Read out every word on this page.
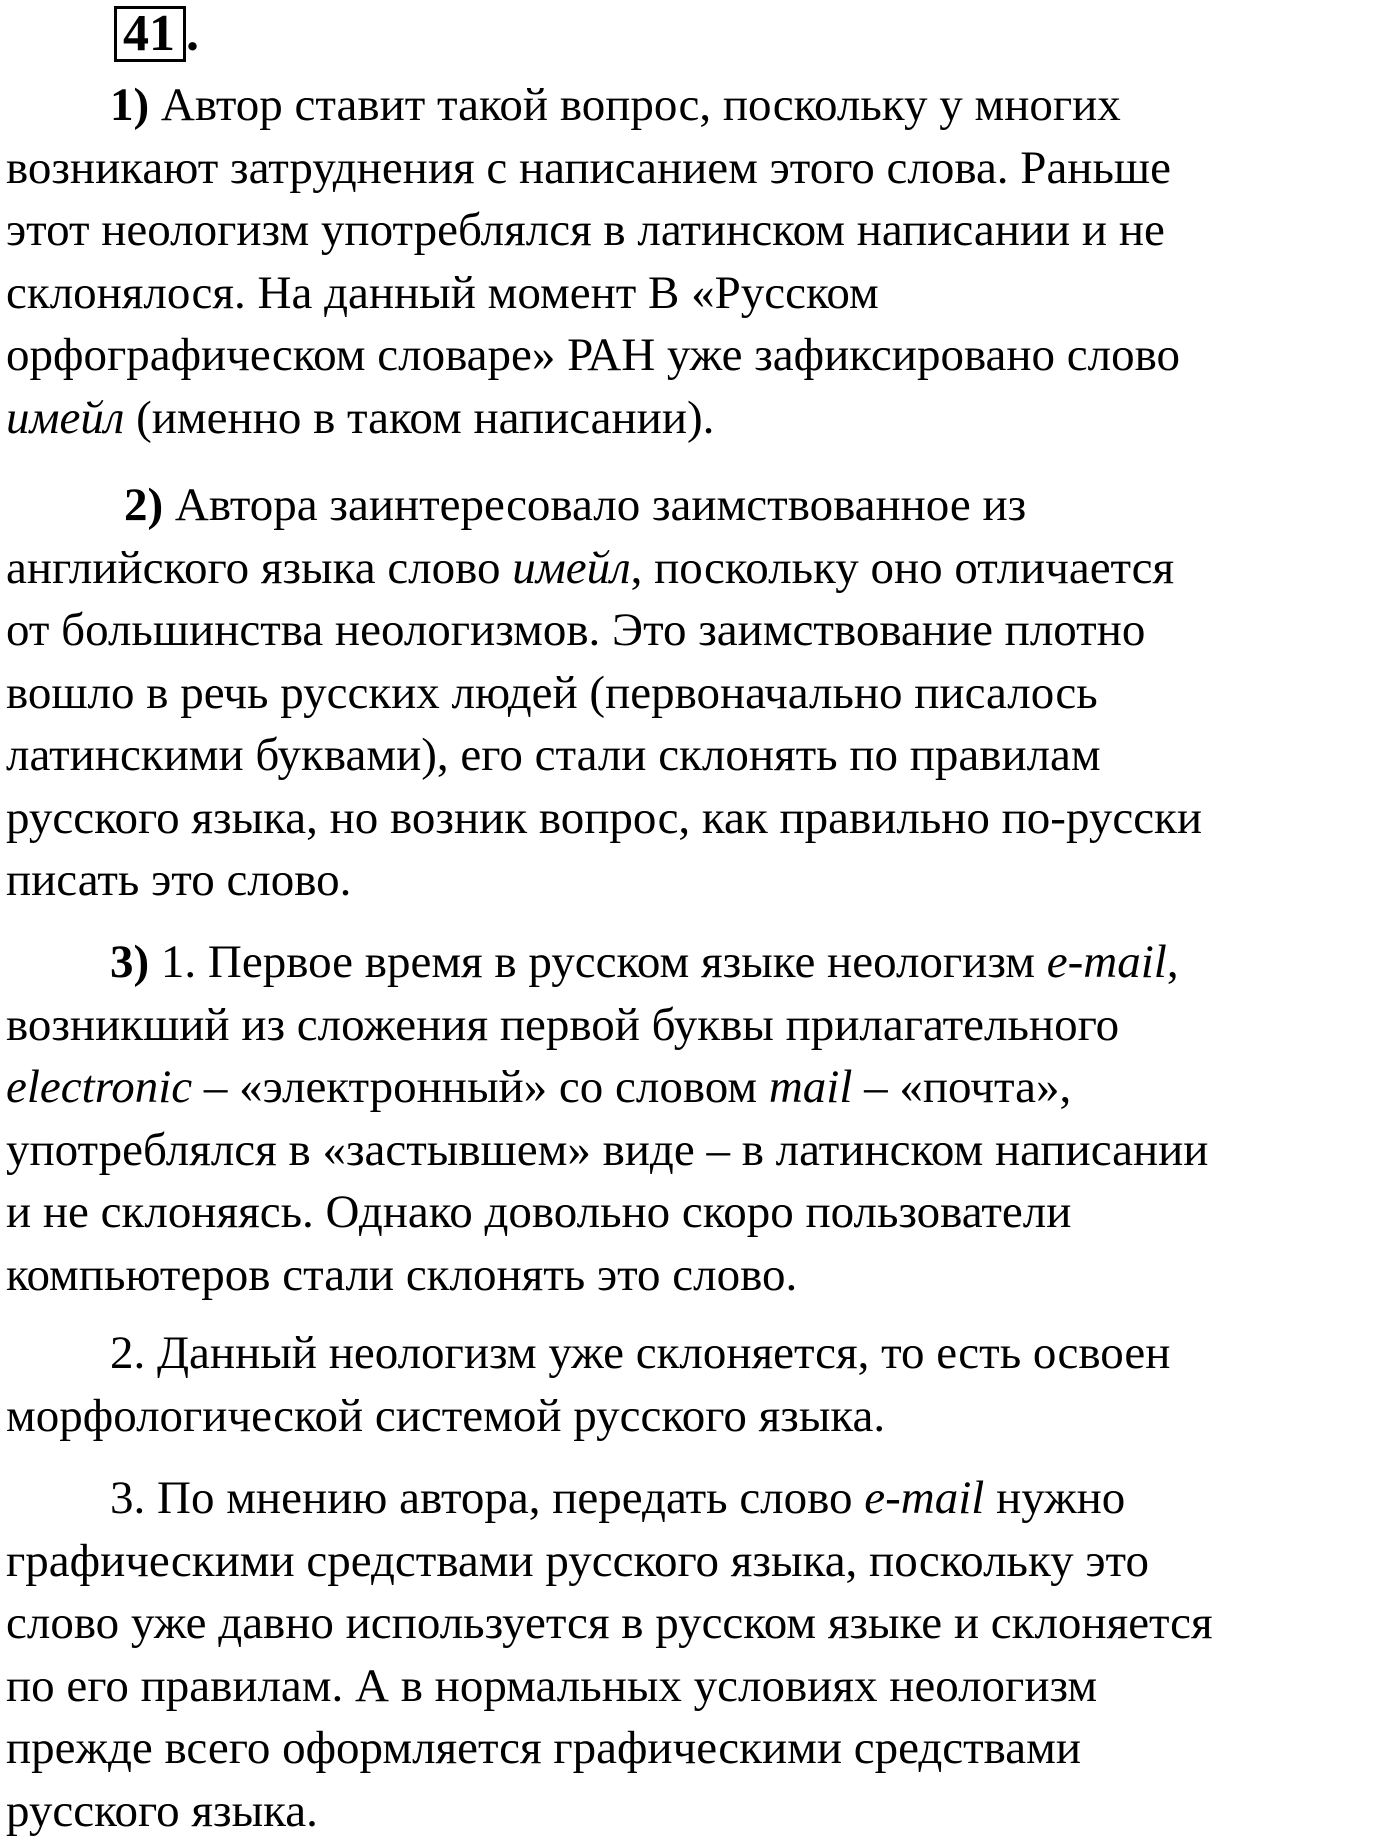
41 .
1) Автор ставит такой вопрос, поскольку у многих
возникают затруднения с написанием этого слова. Раньше
этот неологизм употреблялся в латинском написании и не
склонялося. На данный момент В «Русском
орфографическом словаре» РАН уже зафиксировано слово
имейл (именно в таком написании).
2) Автора заинтересовало заимствованное из
английского языка слово имейл, поскольку оно отличается
от большинства неологизмов. Это заимствование плотно
вошло в речь русских людей (первоначально писалось
латинскими буквами), его стали склонять по правилам
русского языка, но возник вопрос, как правильно по-русски
писать это слово.
3) 1. Первое время в русском языке неологизм e-mail,
возникший из сложения первой буквы прилагательного
electronic – «электронный» со словом mail – «почта»,
употреблялся в «застывшем» виде – в латинском написании
и не склоняясь. Однако довольно скоро пользователи
компьютеров стали склонять это слово.
2. Данный неологизм уже склоняется, то есть освоен
морфологической системой русского языка.
3. По мнению автора, передать слово e-mail нужно
графическими средствами русского языка, поскольку это
слово уже давно используется в русском языке и склоняется
по его правилам. А в нормальных условиях неологизм
прежде всего оформляется графическими средствами
русского языка.
